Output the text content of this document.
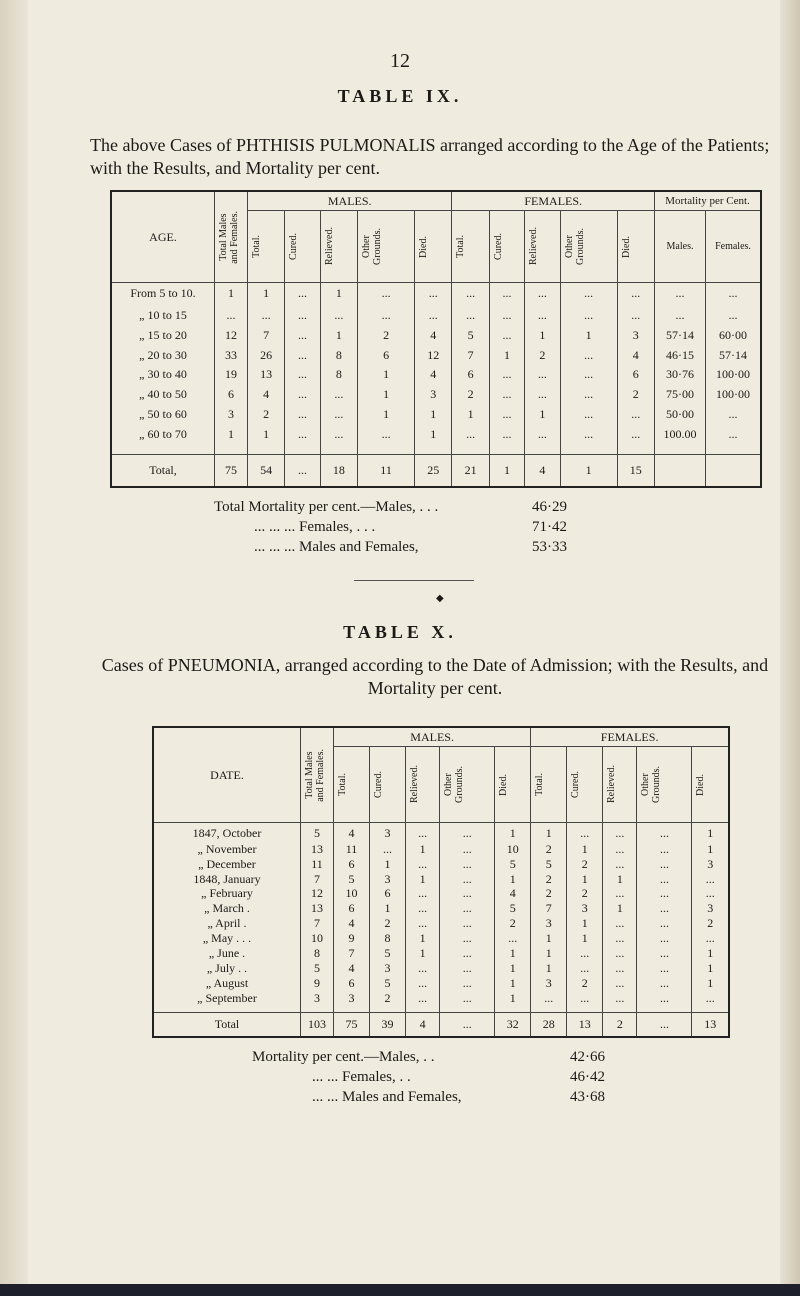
12
TABLE IX.
The above Cases of PHTHISIS PULMONALIS arranged according to the Age of the Patients; with the Results, and Mortality per cent.
AGE.	Total Males
and Females.	MALES.					FEMALES.					Mortality per Cent.	

		Total.	Cured.	Relieved.	Other
Grounds.	Died.	Total.	Cured.	Relieved.	Other
Grounds.	Died.	Males.	Females.
From 5 to 10.	1	1	...	1	...	...	...	...	...	...	...	...	...
„ 10 to 15	...	...	...	...	...	...	...	...	...	...	...	...	...
„ 15 to 20	12	7	...	1	2	4	5	...	1	1	3	57·14	60·00
„ 20 to 30	33	26	...	8	6	12	7	1	2	...	4	46·15	57·14
„ 30 to 40	19	13	...	8	1	4	6	...	...	...	6	30·76	100·00
„ 40 to 50	6	4	...	...	1	3	2	...	...	...	2	75·00	100·00
„ 50 to 60	3	2	...	...	1	1	1	...	1	...	...	50·00	...
„ 60 to 70	1	1	...	...	...	1	...	...	...	...	...	100.00	...
Total,	75	54	...	18	11	25	21	1	4	1	15		
Total Mortality per cent.—Males, . . .	46·29
... ... ... Females, . . .	71·42
... ... ... Males and Females,	53·33
◆
TABLE X.
Cases of PNEUMONIA, arranged according to the Date of Admission; with the Results, and Mortality per cent.
DATE.	Total Males
and Females.	MALES.					FEMALES.				

		Total.	Cured.	Relieved.	Other
Grounds.	Died.	Total.	Cured.	Relieved.	Other
Grounds.	Died.

1847, October	5	4	3	...	...	1	1	...	...	...	1
„ November	13	11	...	1	...	10	2	1	...	...	1
„ December	11	6	1	...	...	5	5	2	...	...	3
1848, January	7	5	3	1	...	1	2	1	1	...	...
„ February	12	10	6	...	...	4	2	2	...	...	...
„ March .	13	6	1	...	...	5	7	3	1	...	3
„ April .	7	4	2	...	...	2	3	1	...	...	2
„ May . . .	10	9	8	1	...	...	1	1	...	...	...
„ June .	8	7	5	1	...	1	1	...	...	...	1
„ July . .	5	4	3	...	...	1	1	...	...	...	1
„ August	9	6	5	...	...	1	3	2	...	...	1
„ September	3	3	2	...	...	1	...	...	...	...	...
Total	103	75	39	4	...	32	28	13	2	...	13
Mortality per cent.—Males, . .	42·66
... ... Females, . .	46·42
... ... Males and Females,	43·68
